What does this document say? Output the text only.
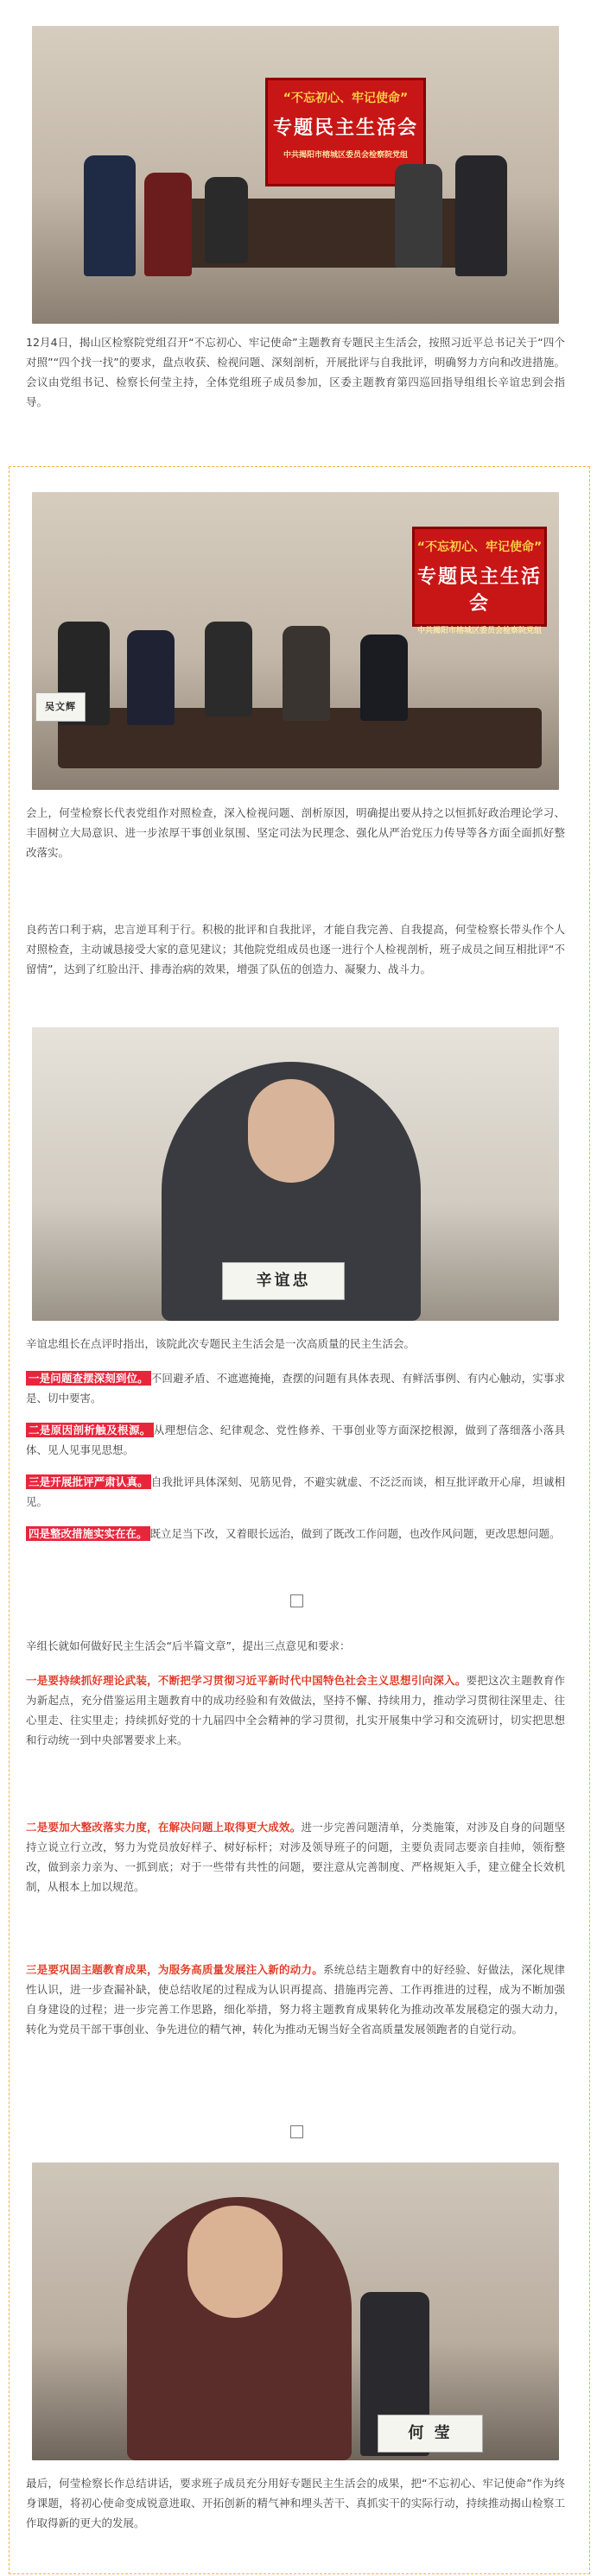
“不忘初心、牢记使命”
专题民主生活会
中共揭阳市榕城区委员会检察院党组

12月4日，揭山区检察院党组召开“不忘初心、牢记使命”主题教育专题民主生活会，按照习近平总书记关于“四个对照”“四个找一找”的要求，盘点收获、检视问题、深刻剖析，开展批评与自我批评，明确努力方向和改进措施。会议由党组书记、检察长何莹主持，全体党组班子成员参加，区委主题教育第四巡回指导组组长辛谊忠到会指导。

“不忘初心、牢记使命”
专题民主生活会
中共揭阳市榕城区委员会检察院党组
吴文辉

会上，何莹检察长代表党组作对照检查，深入检视问题、剖析原因，明确提出要从持之以恒抓好政治理论学习、丰固树立大局意识、进一步浓厚干事创业氛围、坚定司法为民理念、强化从严治党压力传导等各方面全面抓好整改落实。

良药苦口利于病，忠言逆耳利于行。积极的批评和自我批评，才能自我完善、自我提高，何莹检察长带头作个人对照检查，主动诚恳接受大家的意见建议；其他院党组成员也逐一进行个人检视剖析，班子成员之间互相批评“不留情”，达到了红脸出汗、排毒治病的效果，增强了队伍的创造力、凝聚力、战斗力。

辛谊忠

辛谊忠组长在点评时指出，该院此次专题民主生活会是一次高质量的民主生活会。

一是问题查摆深刻到位。 不回避矛盾、不遮遮掩掩，查摆的问题有具体表现、有鲜活事例、有内心触动，实事求是、切中要害。

二是原因剖析触及根源。 从理想信念、纪律观念、党性修养、干事创业等方面深挖根源，做到了落细落小落具体、见人见事见思想。

三是开展批评严肃认真。 自我批评具体深刻、见筋见骨，不避实就虚、不泛泛而谈，相互批评敢开心扉，坦诚相见。

四是整改措施实实在在。 既立足当下改，又着眼长远治，做到了既改工作问题，也改作风问题，更改思想问题。

辛组长就如何做好民主生活会“后半篇文章”，提出三点意见和要求：

一是要持续抓好理论武装，不断把学习贯彻习近平新时代中国特色社会主义思想引向深入。要把这次主题教育作为新起点，充分借鉴运用主题教育中的成功经验和有效做法，坚持不懈、持续用力，推动学习贯彻往深里走、往心里走、往实里走；持续抓好党的十九届四中全会精神的学习贯彻，扎实开展集中学习和交流研讨，切实把思想和行动统一到中央部署要求上来。

二是要加大整改落实力度，在解决问题上取得更大成效。进一步完善问题清单，分类施策，对涉及自身的问题坚持立说立行立改，努力为党员放好样子、树好标杆；对涉及领导班子的问题，主要负责同志要亲自挂帅，领衔整改，做到亲力亲为、一抓到底；对于一些带有共性的问题，要注意从完善制度、严格规矩入手，建立健全长效机制，从根本上加以规范。

三是要巩固主题教育成果，为服务高质量发展注入新的动力。系统总结主题教育中的好经验、好做法，深化规律性认识，进一步查漏补缺，使总结收尾的过程成为认识再提高、措施再完善、工作再推进的过程，成为不断加强自身建设的过程；进一步完善工作思路，细化举措，努力将主题教育成果转化为推动改革发展稳定的强大动力，转化为党员干部干事创业、争先进位的精气神，转化为推动无锡当好全省高质量发展领跑者的自觉行动。

何 莹

最后，何莹检察长作总结讲话，要求班子成员充分用好专题民主生活会的成果，把“不忘初心、牢记使命”作为终身课题，将初心使命变成锐意进取、开拓创新的精气神和埋头苦干、真抓实干的实际行动，持续推动揭山检察工作取得新的更大的发展。
